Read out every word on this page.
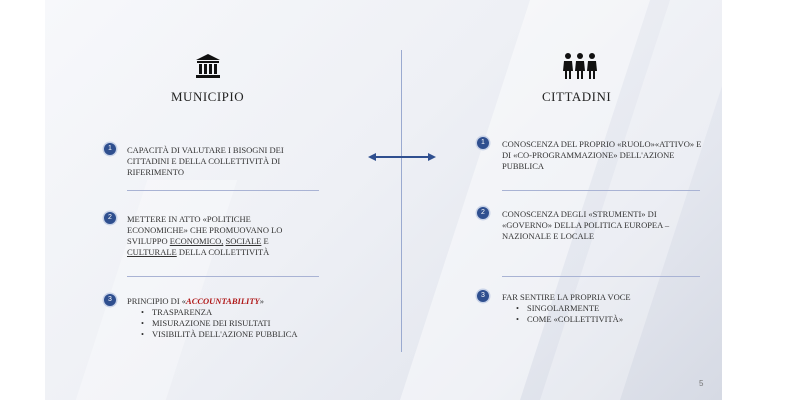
MUNICIPIO
1	CAPACITÀ DI VALUTARE I BISOGNI DEI CITTADINI E DELLA COLLETTIVITÀ DI RIFERIMENTO
2	METTERE IN ATTO «POLITICHE ECONOMICHE» CHE PROMUOVANO LO SVILUPPO ECONOMICO, SOCIALE E CULTURALE DELLA COLLETTIVITÀ
3	PRINCIPIO DI «ACCOUNTABILITY»
• TRASPARENZA
• MISURAZIONE DEI RISULTATI
• VISIBILITÀ DELL'AZIONE PUBBLICA
CITTADINI
1	CONOSCENZA DEL PROPRIO «RUOLO»«ATTIVO» E DI «CO-PROGRAMMAZIONE» DELL'AZIONE PUBBLICA
2	CONOSCENZA DEGLI «STRUMENTI» DI «GOVERNO» DELLA POLITICA EUROPEA – NAZIONALE E LOCALE
3	FAR SENTIRE LA PROPRIA VOCE
• SINGOLARMENTE
• COME «COLLETTIVITÀ»
5
